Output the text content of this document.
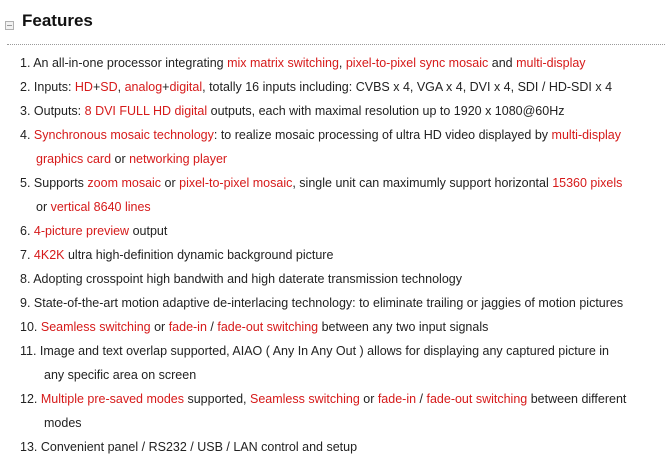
Features
1. An all-in-one processor integrating mix matrix switching, pixel-to-pixel sync mosaic and multi-display
2. Inputs: HD+SD, analog+digital, totally 16 inputs including: CVBS x 4, VGA x 4, DVI x 4, SDI / HD-SDI x 4
3. Outputs: 8 DVI FULL HD digital outputs, each with maximal resolution up to 1920 x 1080@60Hz
4. Synchronous mosaic technology: to realize mosaic processing of ultra HD video displayed by multi-display
graphics card or networking player
5. Supports zoom mosaic or pixel-to-pixel mosaic, single unit can maximumly support horizontal 15360 pixels
or vertical 8640 lines
6. 4-picture preview output
7. 4K2K ultra high-definition dynamic background picture
8. Adopting crosspoint high bandwith and high daterate transmission technology
9. State-of-the-art motion adaptive de-interlacing technology: to eliminate trailing or jaggies of motion pictures
10. Seamless switching or fade-in / fade-out switching between any two input signals
11. Image and text overlap supported, AIAO ( Any In Any Out ) allows for displaying any captured picture in
any specific area on screen
12. Multiple pre-saved modes supported, Seamless switching or fade-in / fade-out switching between different
modes
13. Convenient panel / RS232 / USB / LAN control and setup
